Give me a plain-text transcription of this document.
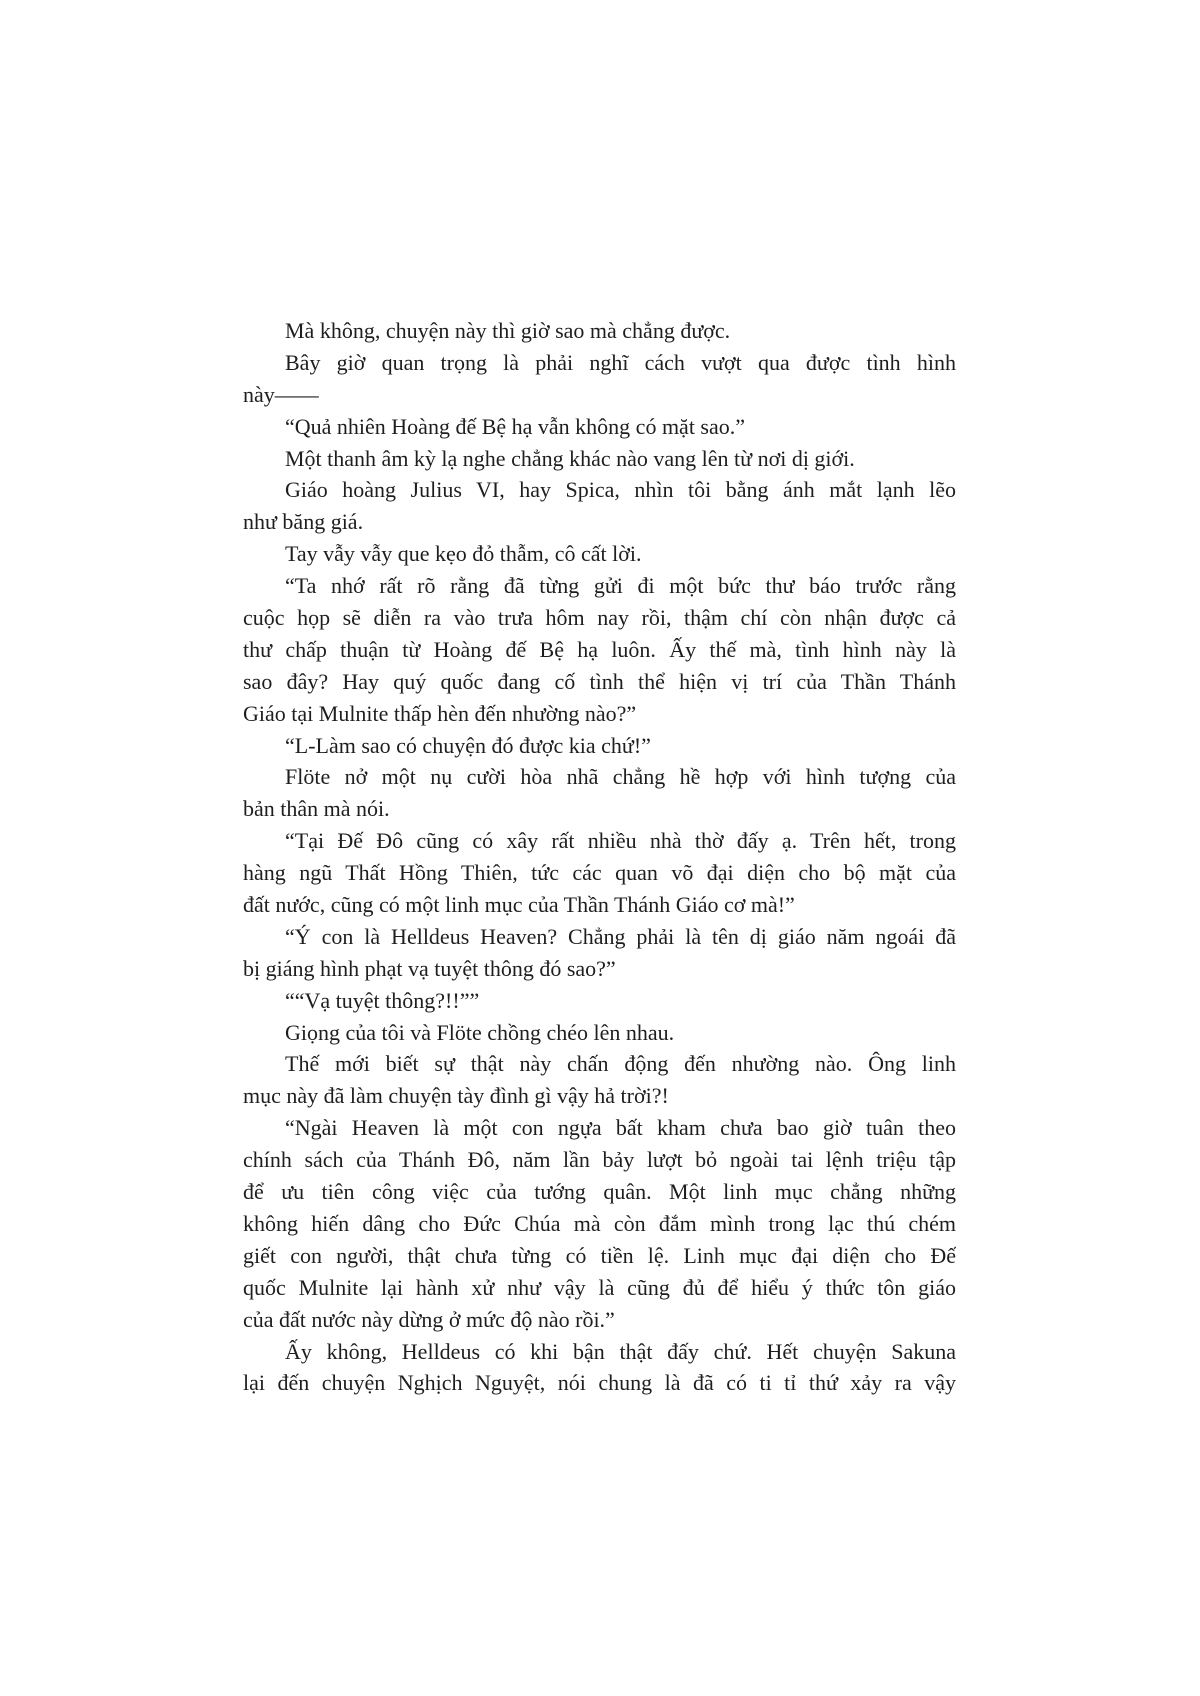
Mà không, chuyện này thì giờ sao mà chẳng được.
Bây giờ quan trọng là phải nghĩ cách vượt qua được tình hình
này——
“Quả nhiên Hoàng đế Bệ hạ vẫn không có mặt sao.”
Một thanh âm kỳ lạ nghe chẳng khác nào vang lên từ nơi dị giới.
Giáo hoàng Julius VI, hay Spica, nhìn tôi bằng ánh mắt lạnh lẽo
như băng giá.
Tay vẫy vẫy que kẹo đỏ thẫm, cô cất lời.
“Ta nhớ rất rõ rằng đã từng gửi đi một bức thư báo trước rằng
cuộc họp sẽ diễn ra vào trưa hôm nay rồi, thậm chí còn nhận được cả
thư chấp thuận từ Hoàng đế Bệ hạ luôn. Ấy thế mà, tình hình này là
sao đây? Hay quý quốc đang cố tình thể hiện vị trí của Thần Thánh
Giáo tại Mulnite thấp hèn đến nhường nào?”
“L-Làm sao có chuyện đó được kia chứ!”
Flöte nở một nụ cười hòa nhã chẳng hề hợp với hình tượng của
bản thân mà nói.
“Tại Đế Đô cũng có xây rất nhiều nhà thờ đấy ạ. Trên hết, trong
hàng ngũ Thất Hồng Thiên, tức các quan võ đại diện cho bộ mặt của
đất nước, cũng có một linh mục của Thần Thánh Giáo cơ mà!”
“Ý con là Helldeus Heaven? Chẳng phải là tên dị giáo năm ngoái đã
bị giáng hình phạt vạ tuyệt thông đó sao?”
““Vạ tuyệt thông?!!””
Giọng của tôi và Flöte chồng chéo lên nhau.
Thế mới biết sự thật này chấn động đến nhường nào. Ông linh
mục này đã làm chuyện tày đình gì vậy hả trời?!
“Ngài Heaven là một con ngựa bất kham chưa bao giờ tuân theo
chính sách của Thánh Đô, năm lần bảy lượt bỏ ngoài tai lệnh triệu tập
để ưu tiên công việc của tướng quân. Một linh mục chẳng những
không hiến dâng cho Đức Chúa mà còn đắm mình trong lạc thú chém
giết con người, thật chưa từng có tiền lệ. Linh mục đại diện cho Đế
quốc Mulnite lại hành xử như vậy là cũng đủ để hiểu ý thức tôn giáo
của đất nước này dừng ở mức độ nào rồi.”
Ấy không, Helldeus có khi bận thật đấy chứ. Hết chuyện Sakuna
lại đến chuyện Nghịch Nguyệt, nói chung là đã có ti tỉ thứ xảy ra vậy
